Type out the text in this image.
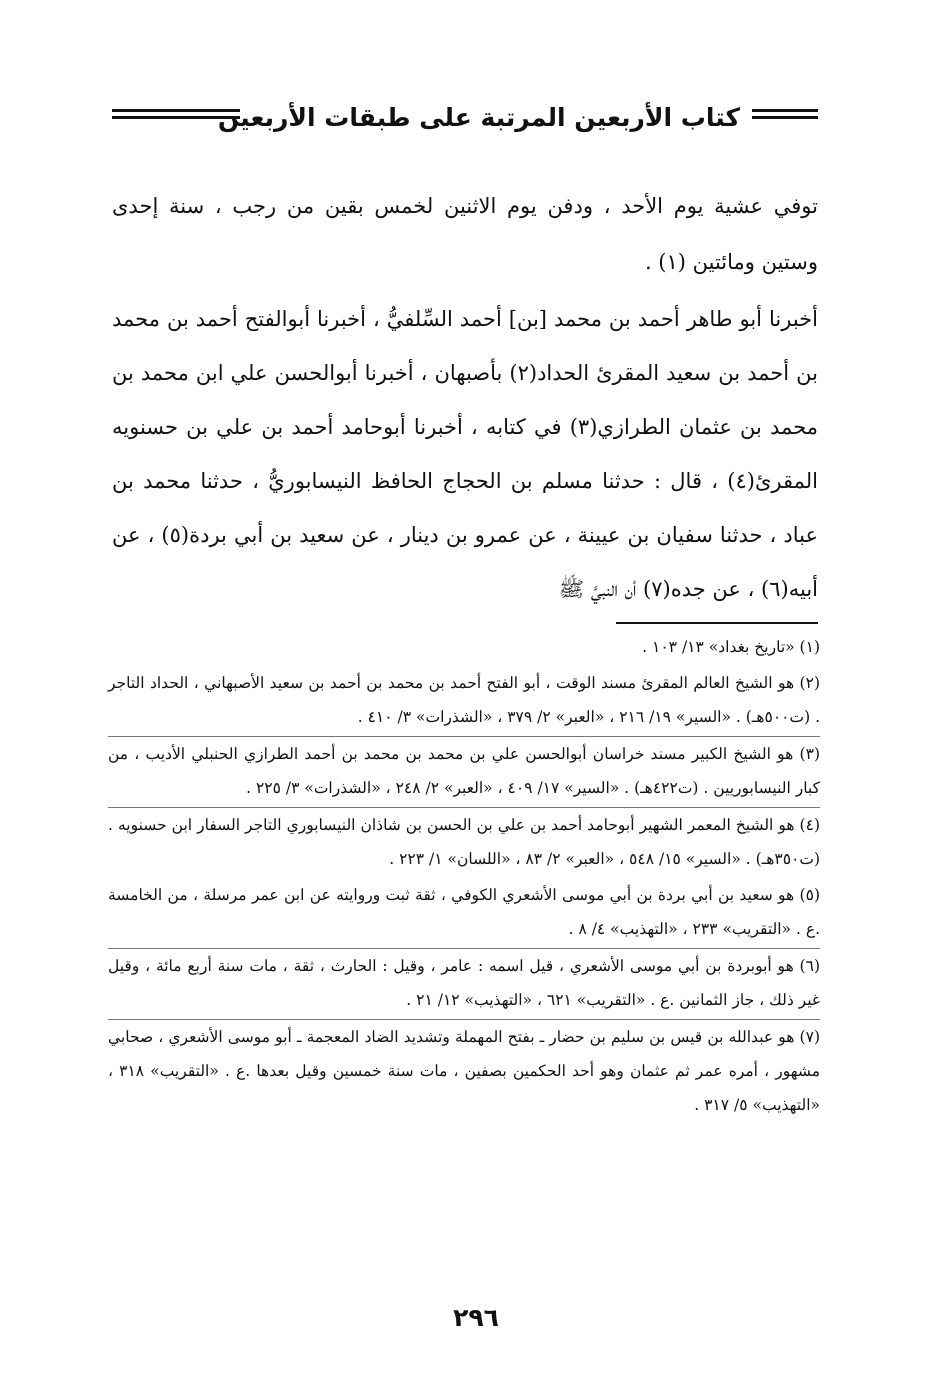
كتاب الأربعين المرتبة على طبقات الأربعين

توفي عشية يوم الأحد ، ودفن يوم الاثنين لخمس بقين من رجب ، سنة إحدى وستين ومائتين (١) .

أخبرنا أبو طاهر أحمد بن محمد [بن] أحمد السِّلفيُّ ، أخبرنا أبوالفتح أحمد بن محمد بن أحمد بن سعيد المقرئ الحداد(٢) بأصبهان ، أخبرنا أبوالحسن علي ابن محمد بن محمد بن عثمان الطرازي(٣) في كتابه ، أخبرنا أبوحامد أحمد بن علي بن حسنويه المقرئ(٤) ، قال : حدثنا مسلم بن الحجاج الحافظ النيسابوريُّ ، حدثنا محمد بن عباد ، حدثنا سفيان بن عيينة ، عن عمرو بن دينار ، عن سعيد بن أبي بردة(٥) ، عن أبيه(٦) ، عن جده(٧) أن النبيَّ ﷺ

(١) «تاريخ بغداد» ١٣/ ١٠٣ .

(٢) هو الشيخ العالم المقرئ مسند الوقت ، أبو الفتح أحمد بن محمد بن أحمد بن سعيد الأصبهاني ، الحداد التاجر . (ت٥٠٠هـ) . «السير» ١٩/ ٢١٦ ، «العبر» ٢/ ٣٧٩ ، «الشذرات» ٣/ ٤١٠ .

(٣) هو الشيخ الكبير مسند خراسان أبوالحسن علي بن محمد بن محمد بن أحمد الطرازي الحنبلي الأديب ، من كبار النيسابوريين . (ت٤٢٢هـ) . «السير» ١٧/ ٤٠٩ ، «العبر» ٢/ ٢٤٨ ، «الشذرات» ٣/ ٢٢٥ .

(٤) هو الشيخ المعمر الشهير أبوحامد أحمد بن علي بن الحسن بن شاذان النيسابوري التاجر السفار ابن حسنويه . (ت٣٥٠هـ) . «السير» ١٥/ ٥٤٨ ، «العبر» ٢/ ٨٣ ، «اللسان» ١/ ٢٢٣ .

(٥) هو سعيد بن أبي بردة بن أبي موسى الأشعري الكوفي ، ثقة ثبت وروايته عن ابن عمر مرسلة ، من الخامسة .ع . «التقريب» ٢٣٣ ، «التهذيب» ٤/ ٨ .

(٦) هو أبوبردة بن أبي موسى الأشعري ، قيل اسمه : عامر ، وقيل : الحارث ، ثقة ، مات سنة أربع مائة ، وقيل غير ذلك ، جاز الثمانين .ع . «التقريب» ٦٢١ ، «التهذيب» ١٢/ ٢١ .

(٧) هو عبدالله بن قيس بن سليم بن حضار ـ بفتح المهملة وتشديد الضاد المعجمة ـ أبو موسى الأشعري ، صحابي مشهور ، أمره عمر ثم عثمان وهو أحد الحكمين بصفين ، مات سنة خمسين وقيل بعدها .ع . «التقريب» ٣١٨ ، «التهذيب» ٥/ ٣١٧ .

٢٩٦
